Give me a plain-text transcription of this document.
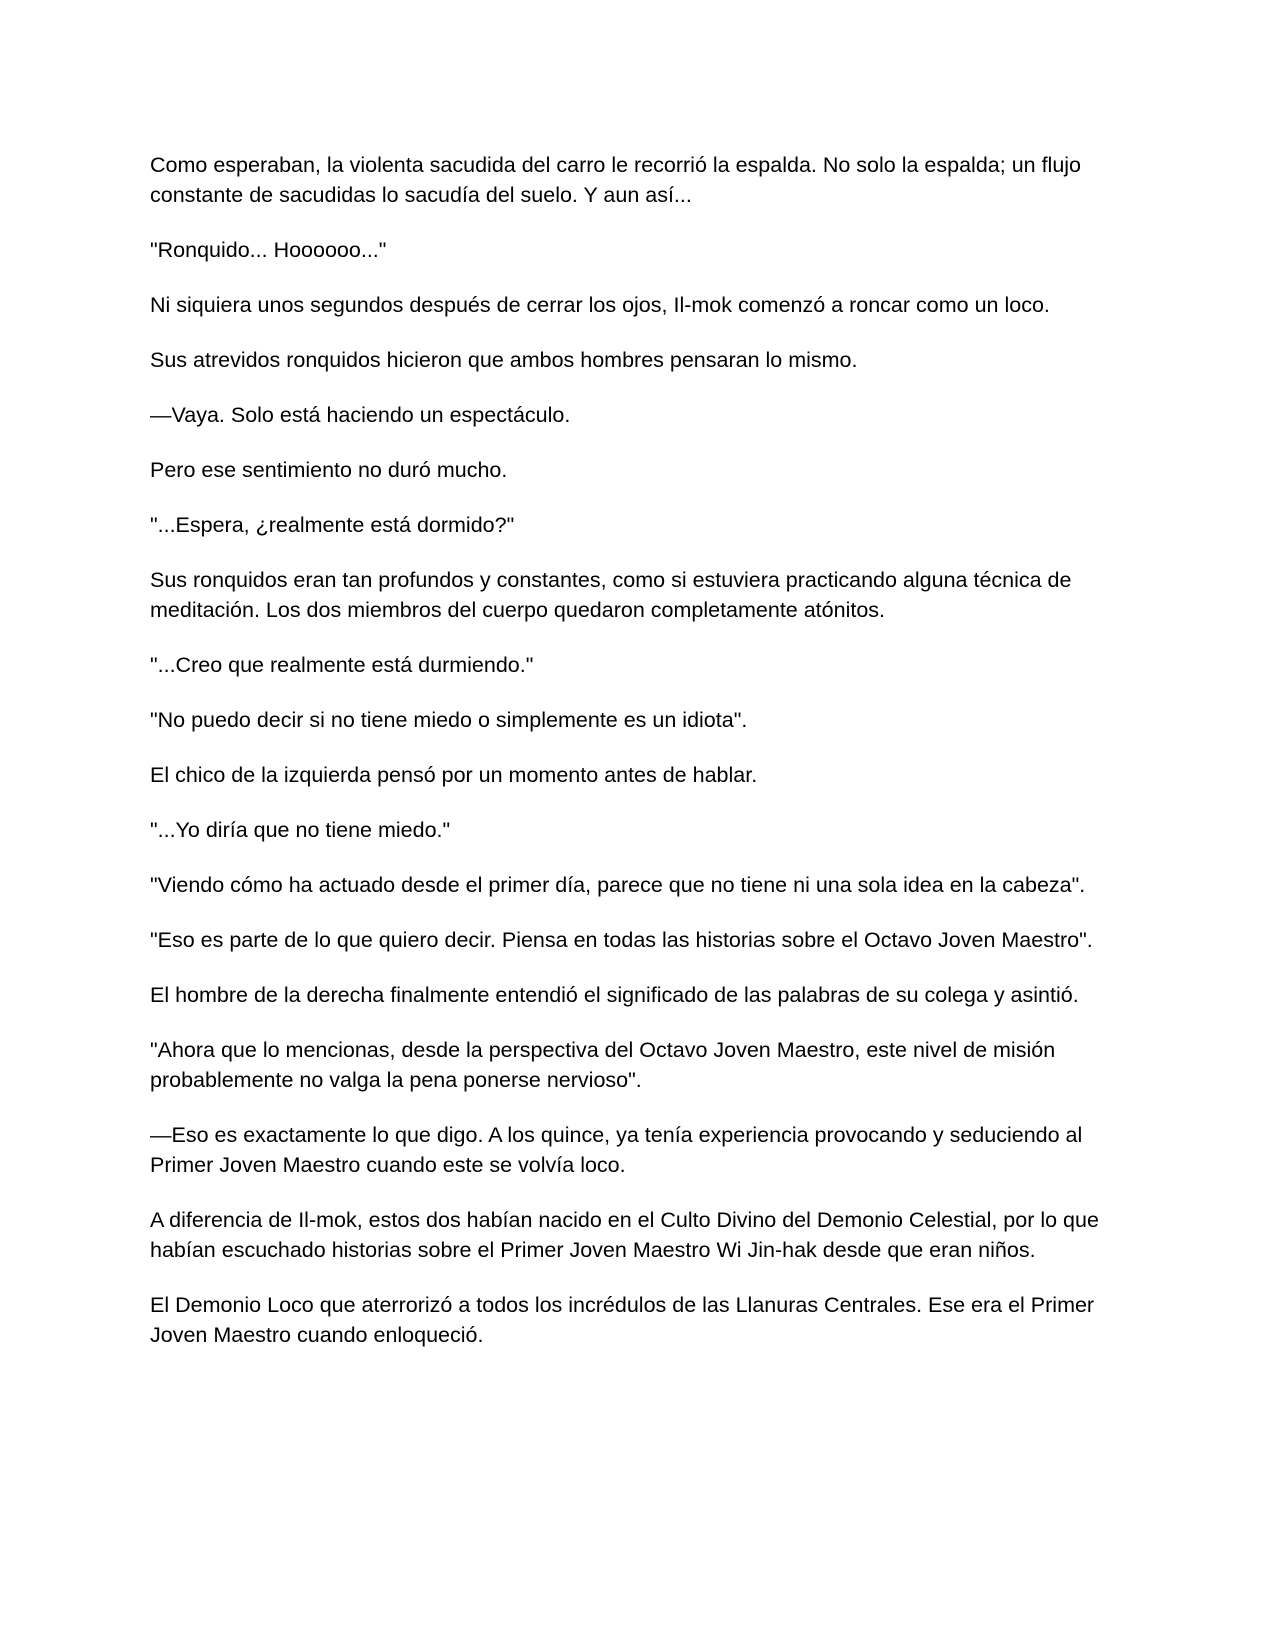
Como esperaban, la violenta sacudida del carro le recorrió la espalda. No solo la espalda; un flujo constante de sacudidas lo sacudía del suelo. Y aun así...

"Ronquido... Hoooooo..."

Ni siquiera unos segundos después de cerrar los ojos, Il-mok comenzó a roncar como un loco.

Sus atrevidos ronquidos hicieron que ambos hombres pensaran lo mismo.

—Vaya. Solo está haciendo un espectáculo.

Pero ese sentimiento no duró mucho.

"...Espera, ¿realmente está dormido?"

Sus ronquidos eran tan profundos y constantes, como si estuviera practicando alguna técnica de meditación. Los dos miembros del cuerpo quedaron completamente atónitos.

"...Creo que realmente está durmiendo."

"No puedo decir si no tiene miedo o simplemente es un idiota".

El chico de la izquierda pensó por un momento antes de hablar.

"...Yo diría que no tiene miedo."

"Viendo cómo ha actuado desde el primer día, parece que no tiene ni una sola idea en la cabeza".

"Eso es parte de lo que quiero decir. Piensa en todas las historias sobre el Octavo Joven Maestro".

El hombre de la derecha finalmente entendió el significado de las palabras de su colega y asintió.

"Ahora que lo mencionas, desde la perspectiva del Octavo Joven Maestro, este nivel de misión probablemente no valga la pena ponerse nervioso".

—Eso es exactamente lo que digo. A los quince, ya tenía experiencia provocando y seduciendo al Primer Joven Maestro cuando este se volvía loco.

A diferencia de Il-mok, estos dos habían nacido en el Culto Divino del Demonio Celestial, por lo que habían escuchado historias sobre el Primer Joven Maestro Wi Jin-hak desde que eran niños.

El Demonio Loco que aterrorizó a todos los incrédulos de las Llanuras Centrales. Ese era el Primer Joven Maestro cuando enloqueció.
